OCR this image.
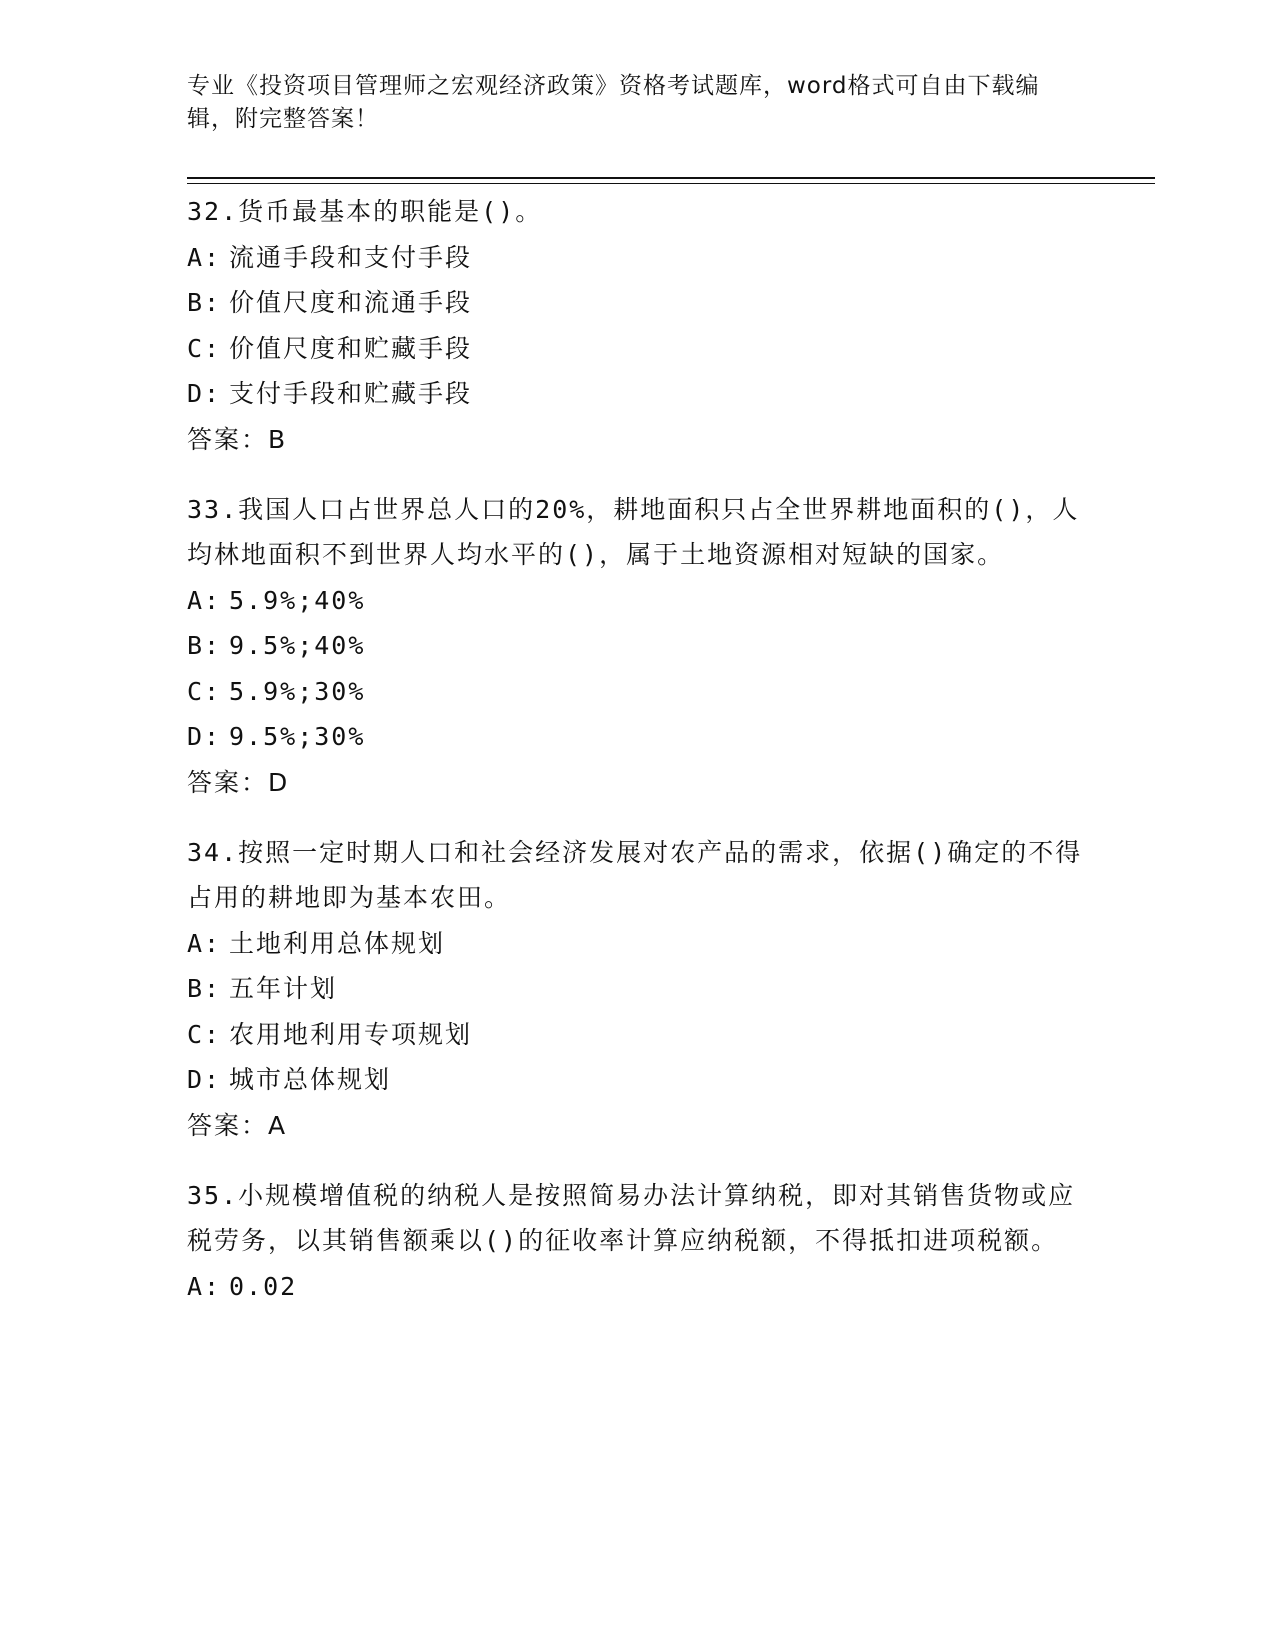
专业《投资项目管理师之宏观经济政策》资格考试题库，word格式可自由下载编辑，附完整答案！

32.货币最基本的职能是()。

A: 流通手段和支付手段

B: 价值尺度和流通手段

C: 价值尺度和贮藏手段

D: 支付手段和贮藏手段

答案：B

33.我国人口占世界总人口的20%，耕地面积只占全世界耕地面积的()，人均林地面积不到世界人均水平的()，属于土地资源相对短缺的国家。

A: 5.9%;40%

B: 9.5%;40%

C: 5.9%;30%

D: 9.5%;30%

答案：D

34.按照一定时期人口和社会经济发展对农产品的需求，依据()确定的不得占用的耕地即为基本农田。

A: 土地利用总体规划

B: 五年计划

C: 农用地利用专项规划

D: 城市总体规划

答案：A

35.小规模增值税的纳税人是按照简易办法计算纳税，即对其销售货物或应税劳务，以其销售额乘以()的征收率计算应纳税额，不得抵扣进项税额。

A: 0.02
